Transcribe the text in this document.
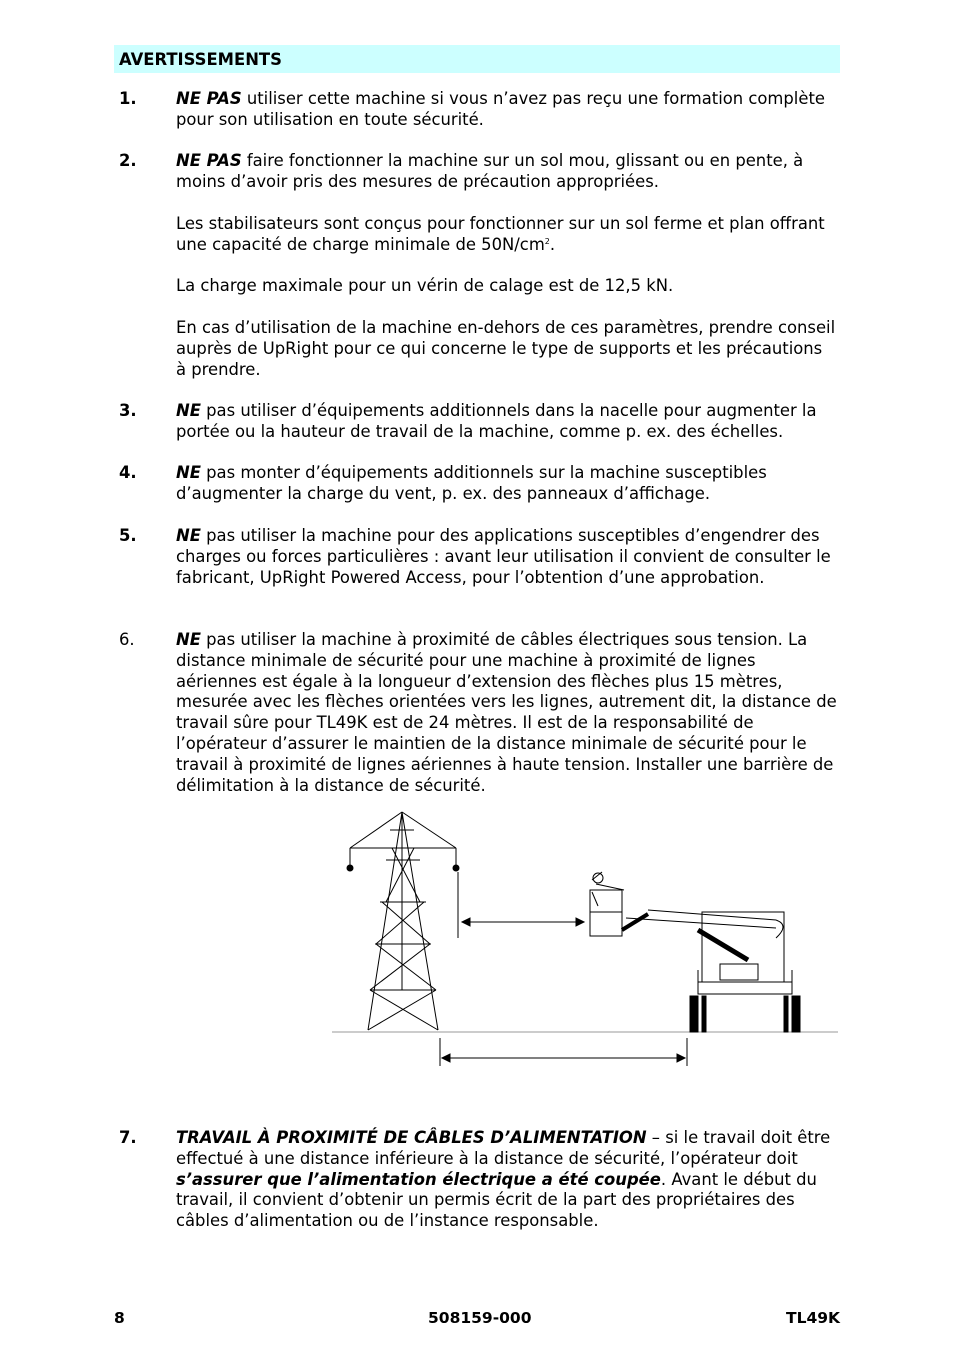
AVERTISSEMENTS
1. NE PAS utiliser cette machine si vous n’avez pas reçu une formation complète pour son utilisation en toute sécurité.
2. NE PAS faire fonctionner la machine sur un sol mou, glissant ou en pente, à moins d’avoir pris des mesures de précaution appropriées.
Les stabilisateurs sont conçus pour fonctionner sur un sol ferme et plan offrant une capacité de charge minimale de $50N/cm^2$.
La charge maximale pour un vérin de calage est de 12,5 kN.
En cas d’utilisation de la machine en-dehors de ces paramètres, prendre conseil auprès de UpRight pour ce qui concerne le type de supports et les précautions à prendre.
3. NE pas utiliser d’équipements additionnels dans la nacelle pour augmenter la portée ou la hauteur de travail de la machine, comme p. ex. des échelles.
4. NE pas monter d’équipements additionnels sur la machine susceptibles d’augmenter la charge du vent, p. ex. des panneaux d’affichage.
5. NE pas utiliser la machine pour des applications susceptibles d’engendrer des charges ou forces particulières : avant leur utilisation il convient de consulter le fabricant, UpRight Powered Access, pour l’obtention d’une approbation.
6.	NE pas utiliser la machine à proximité de câbles électriques sous tension. La distance minimale de sécurité pour une machine à proximité de lignes aériennes est égale à la longueur d’extension des flèches plus 15 mètres, mesurée avec les flèches orientées vers les lignes, autrement dit, la distance de travail sûre pour TL49K est de 24 mètres. Il est de la responsabilité de l’opérateur d’assurer le maintien de la distance minimale de sécurité pour le travail à proximité de lignes aériennes à haute tension. Installer une barrière de délimitation à la distance de sécurité.
7. TRAVAIL À PROXIMITÉ DE CÂBLES D’ALIMENTATION – si le travail doit être effectué à une distance inférieure à la distance de sécurité, l’opérateur doit s’assurer que l’alimentation électrique a été coupée. Avant le début du travail, il convient d’obtenir un permis écrit de la part des propriétaires des câbles d’alimentation ou de l’instance responsable.
8	508159-000	TL49K
